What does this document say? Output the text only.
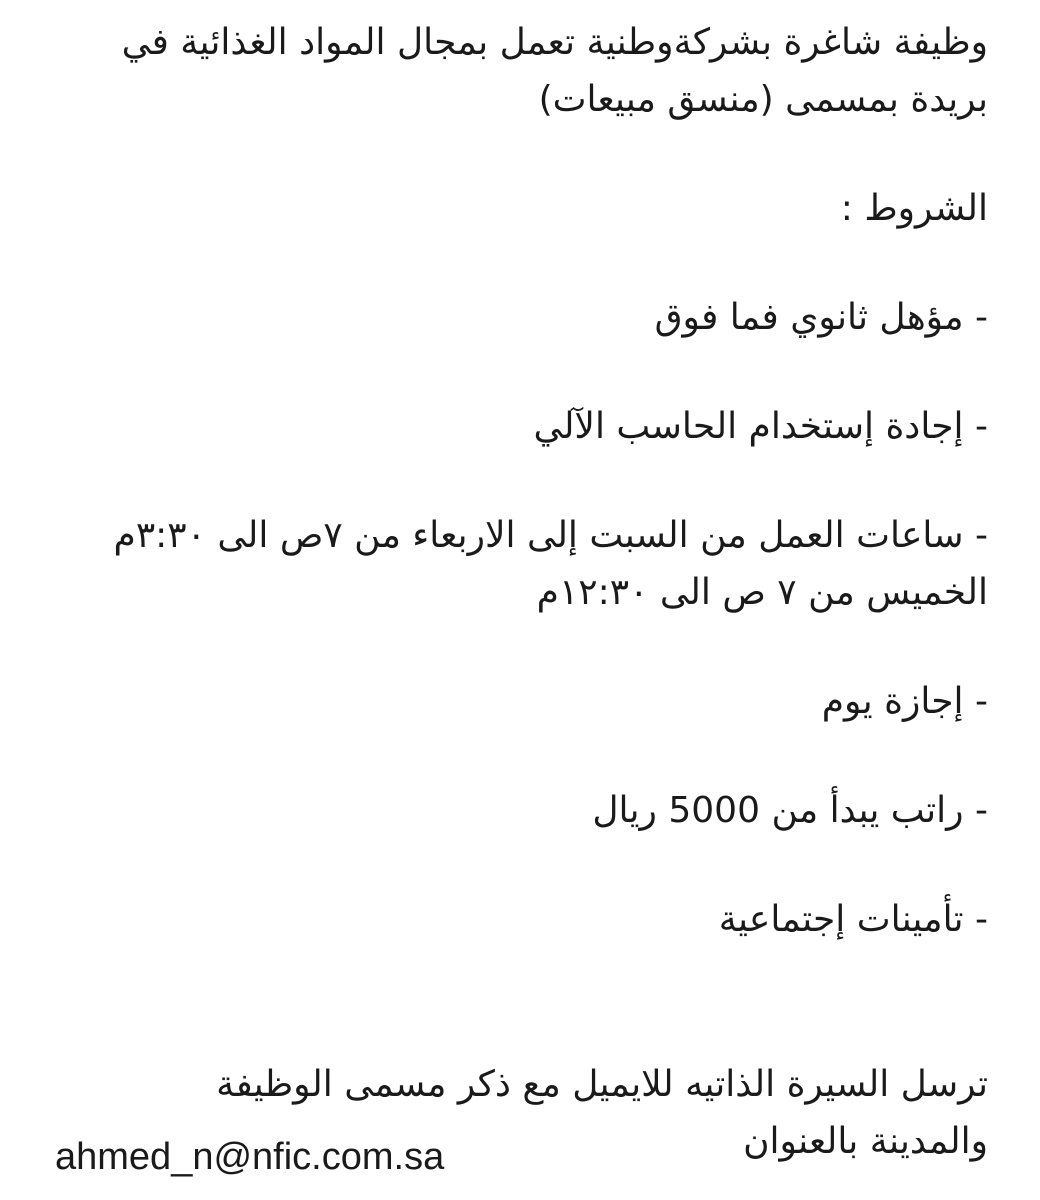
وظيفة شاغرة بشركةوطنية تعمل بمجال المواد الغذائية في
بريدة بمسمى (منسق مبيعات)
الشروط :
- مؤهل ثانوي فما فوق
- إجادة إستخدام الحاسب الآلي
- ساعات العمل من السبت إلى الاربعاء من ٧ص الى ٣:٣٠م
الخميس من ٧ ص الى ١٢:٣٠م
- إجازة يوم
- راتب يبدأ من 5000 ريال
- تأمينات إجتماعية
ترسل السيرة الذاتيه للايميل مع ذكر مسمى الوظيفة
والمدينة بالعنوان
ahmed_n@nfic.com.sa
